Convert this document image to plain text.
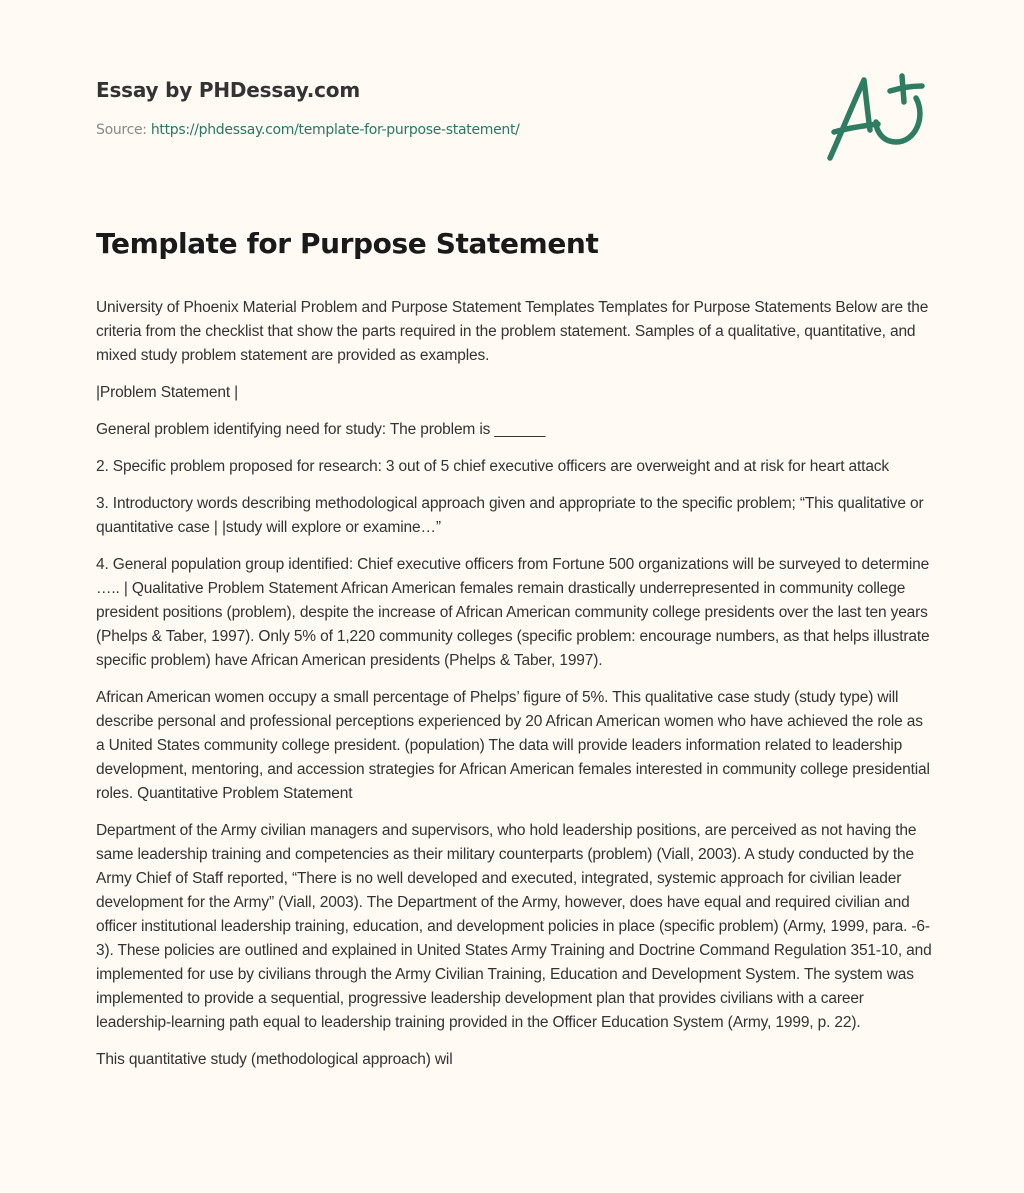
Essay by PHDessay.com
Source: https://phdessay.com/template-for-purpose-statement/
Template for Purpose Statement

University of Phoenix Material Problem and Purpose Statement Templates Templates for Purpose Statements Below are the criteria from the checklist that show the parts required in the problem statement. Samples of a qualitative, quantitative, and mixed study problem statement are provided as examples.

|Problem Statement |

General problem identifying need for study: The problem is ______

2. Specific problem proposed for research: 3 out of 5 chief executive officers are overweight and at risk for heart attack

3. Introductory words describing methodological approach given and appropriate to the specific problem; “This qualitative or quantitative case | |study will explore or examine…”

4. General population group identified: Chief executive officers from Fortune 500 organizations will be surveyed to determine ….. | Qualitative Problem Statement African American females remain drastically underrepresented in community college president positions (problem), despite the increase of African American community college presidents over the last ten years (Phelps & Taber, 1997). Only 5% of 1,220 community colleges (specific problem: encourage numbers, as that helps illustrate specific problem) have African American presidents (Phelps & Taber, 1997).

African American women occupy a small percentage of Phelps’ figure of 5%. This qualitative case study (study type) will describe personal and professional perceptions experienced by 20 African American women who have achieved the role as a United States community college president. (population) The data will provide leaders information related to leadership development, mentoring, and accession strategies for African American females interested in community college presidential roles. Quantitative Problem Statement

Department of the Army civilian managers and supervisors, who hold leadership positions, are perceived as not having the same leadership training and competencies as their military counterparts (problem) (Viall, 2003). A study conducted by the Army Chief of Staff reported, “There is no well developed and executed, integrated, systemic approach for civilian leader development for the Army” (Viall, 2003). The Department of the Army, however, does have equal and required civilian and officer institutional leadership training, education, and development policies in place (specific problem) (Army, 1999, para. -6-3). These policies are outlined and explained in United States Army Training and Doctrine Command Regulation 351-10, and implemented for use by civilians through the Army Civilian Training, Education and Development System. The system was implemented to provide a sequential, progressive leadership development plan that provides civilians with a career leadership-learning path equal to leadership training provided in the Officer Education System (Army, 1999, p. 22).

This quantitative study (methodological approach) wil
